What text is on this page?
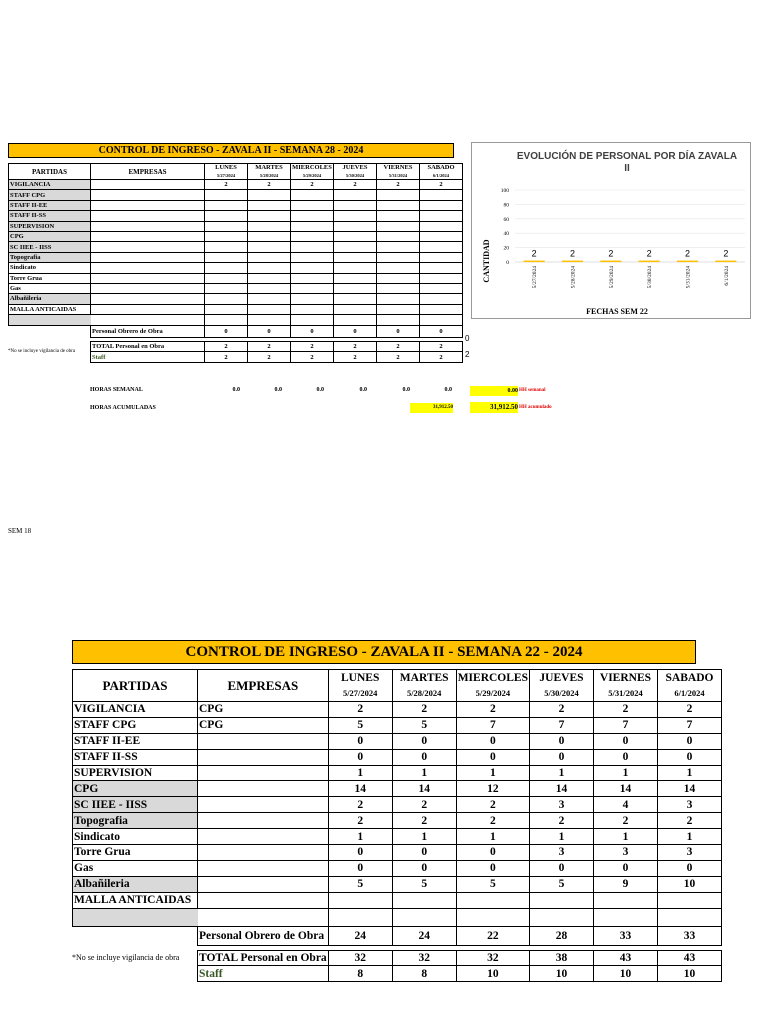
CONTROL DE INGRESO - ZAVALA II - SEMANA 28 - 2024
PARTIDAS	EMPRESAS	LUNES	MARTES	MIERCOLES	JUEVES	VIERNES	SABADO
		5/27/2024	5/28/2024	5/29/2024	5/30/2024	5/31/2024	6/1/2024
VIGILANCIA		2	2	2	2	2	2
STAFF CPG							
STAFF II-EE							
STAFF II-SS							
SUPERVISION							
CPG							
SC IIEE - IISS							
Topografia							
Sindicato							
Torre Grua							
Gas							
Albañileria							
MALLA ANTICAIDAS							

	Personal Obrero de Obra	0	0	0	0	0	0

	TOTAL Personal en Obra	2	2	2	2	2	2
	Staff	2	2	2	2	2	2
*No se incluye vigilancia de obra
0
2
HORAS SEMANAL	0.0	0.0	0.0	0.0	0.0	0.0	0.00 HH semanal
HORAS ACUMULADAS	31,912.50	31,912.50 HH acumulado
EVOLUCIÓN DE PERSONAL POR DÍA ZAVALA
II
0
20
40
60
80
100
2	2	2	2	2	2
5/27/2024	5/28/2024	5/29/2024	5/30/2024	5/31/2024	6/1/2024
CANTIDAD
FECHAS SEM 22
SEM 18
CONTROL DE INGRESO - ZAVALA II - SEMANA 22 - 2024
PARTIDAS	EMPRESAS	LUNES	MARTES	MIERCOLES	JUEVES	VIERNES	SABADO
		5/27/2024	5/28/2024	5/29/2024	5/30/2024	5/31/2024	6/1/2024
VIGILANCIA	CPG	2	2	2	2	2	2
STAFF CPG	CPG	5	5	7	7	7	7
STAFF II-EE		0	0	0	0	0	0
STAFF II-SS		0	0	0	0	0	0
SUPERVISION		1	1	1	1	1	1
CPG		14	14	12	14	14	14
SC IIEE - IISS		2	2	2	3	4	3
Topografia		2	2	2	2	2	2
Sindicato		1	1	1	1	1	1
Torre Grua		0	0	0	3	3	3
Gas		0	0	0	0	0	0
Albañileria		5	5	5	5	9	10
MALLA ANTICAIDAS							

	Personal Obrero de Obra	24	24	22	28	33	33

	TOTAL Personal en Obra	32	32	32	38	43	43
	Staff	8	8	10	10	10	10
*No se incluye vigilancia de obra
